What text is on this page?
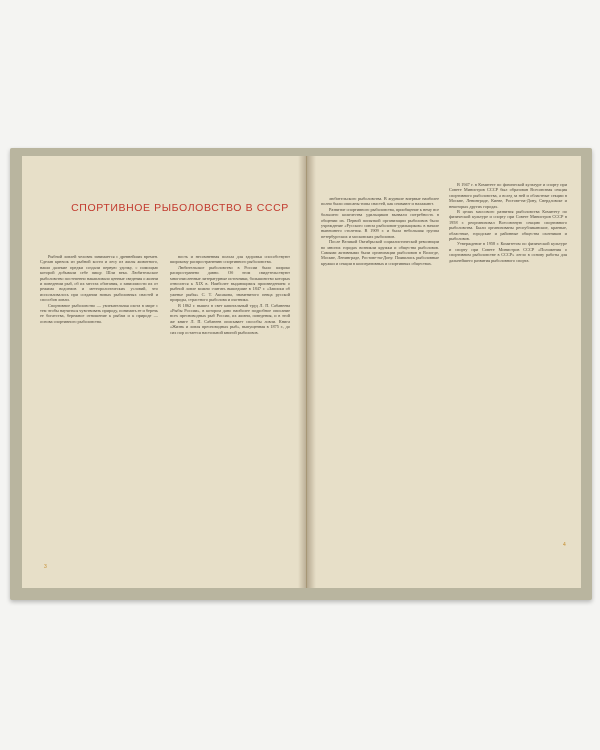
СПОРТИВНОЕ РЫБОЛОВСТВО В СССР

Рыбной ловлей человек занимается с древнейших времен. Сделав крючок из рыбной кости и лесу из жилы животного, наши далекие предки создали первую удочку, с помощью которой добывали себе пищу. Шли века. Любительское рыболовство постепенно накапливало ценные сведения о жизни и поведении рыб, об их местах обитания, о зависимости их от режима водоемов и метеорологических условий, что использовалось при создании новых рыболовных снастей и способов ловли.

Спортивное рыболовство — увлекательная охота в мире с тем чтобы научиться чувствовать природу, понимать ее и беречь ее богатства, бережное отношение к рыбам и к природе — основа спортивного рыболовства.

вость и несомненная польза для здоровья способствуют широкому распространению спортивного рыболовства.

Любительское рыболовство в России было широко распространено давно. Об этом свидетельствуют многочисленные литературные источники, большинство которых относится к XIX в. Наиболее выдающимся произведением о рыбной ловле можно считать вышедшие в 1847 г. «Записки об уженье рыбы» С. Т. Аксакова, знаменитого певца русской природы, страстного рыболова и охотника.

В 1862 г. вышел в свет капитальный труд Л. П. Сабанеева «Рыбы России», в котором дано наиболее подробное описание всех пресноводных рыб России, их жизни, поведения, и в этой же книге Л. П. Сабанеев описывает способы ловли. Книга «Жизнь и ловля пресноводных рыб», выпущенная в 1875 г., до сих пор остается настольной книгой рыболовов.

3

любительского рыболовства. В журнале впервые наиболее полно были описаны типы снастей, как снимают и налажают.

Развитие спортивного рыболовства, приобщение к нему все большего количества удильщиков вызвали потребность в общении их. Первой попыткой организации рыболовов было учреждение «Русского союза рыболовов-удильщиков» в начале нынешнего столетия. В 1909 г. и была небольшая группа петербургских и московских рыболовов.

После Великой Октябрьской социалистической революции во многих городах возникли кружки и общества рыболовов. Самыми активными были организации рыболовов в Вологде, Москве, Ленинграде, Ростове-на-Дону. Появились рыболовные кружки и секции в кооперативных и спортивных обществах.

В 1947 г. в Комитете по физической культуре и спорту при Совете Министров СССР был образован Всесоюзная секция спортивного рыболовства, а вслед за ней и областные секции в Москве, Ленинграде, Киеве, Ростове-на-Дону, Свердловске и некоторых других городах.

В целях массового развития рыболовства Комитету по физической культуре и спорту при Совете Министров СССР в 1958 г. реорганизовал Всесоюзную секцию спортивного рыболовства. Были организованы республиканские, краевые, областные, городские и районные общества охотников и рыболовов.

Утверждение в 1958 г. Комитетом по физической культуре и спорту при Совете Министров СССР «Положения о спортивном рыболовстве в СССР» легло в основу работы для дальнейшего развития рыболовного спорта.

4
